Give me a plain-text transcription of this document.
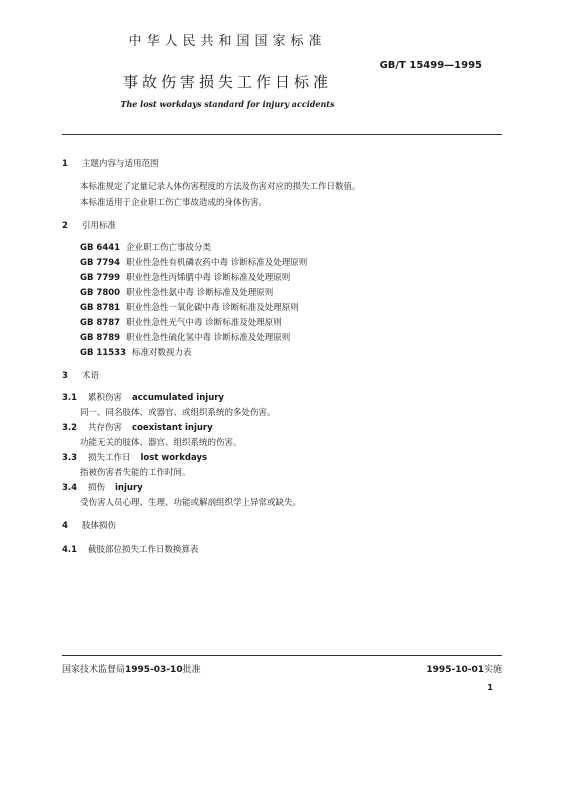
中华人民共和国国家标准
GB/T 15499—1995
事故伤害损失工作日标准
The lost workdays standard for injury accidents
1 主题内容与适用范围
本标准规定了定量记录人体伤害程度的方法及伤害对应的损失工作日数值。
本标准适用于企业职工伤亡事故造成的身体伤害。
2 引用标准
GB 6441 企业职工伤亡事故分类
GB 7794 职业性急性有机磷农药中毒 诊断标准及处理原则
GB 7799 职业性急性丙烯腈中毒 诊断标准及处理原则
GB 7800 职业性急性氨中毒 诊断标准及处理原则
GB 8781 职业性急性一氧化碳中毒 诊断标准及处理原则
GB 8787 职业性急性光气中毒 诊断标准及处理原则
GB 8789 职业性急性硫化氢中毒 诊断标准及处理原则
GB 11533 标准对数视力表
3 术语
3.1 累积伤害 accumulated injury
同一、同名肢体、或器官、或组织系统的多处伤害。
3.2 共存伤害 coexistant injury
功能无关的肢体、器官、组织系统的伤害。
3.3 损失工作日 lost workdays
指被伤害者失能的工作时间。
3.4 损伤 injury
受伤害人员心理、生理、功能或解剖组织学上异常或缺失。
4 肢体损伤
4.1 截肢部位损失工作日数换算表
国家技术监督局1995-03-10批准	1995-10-01实施
1
